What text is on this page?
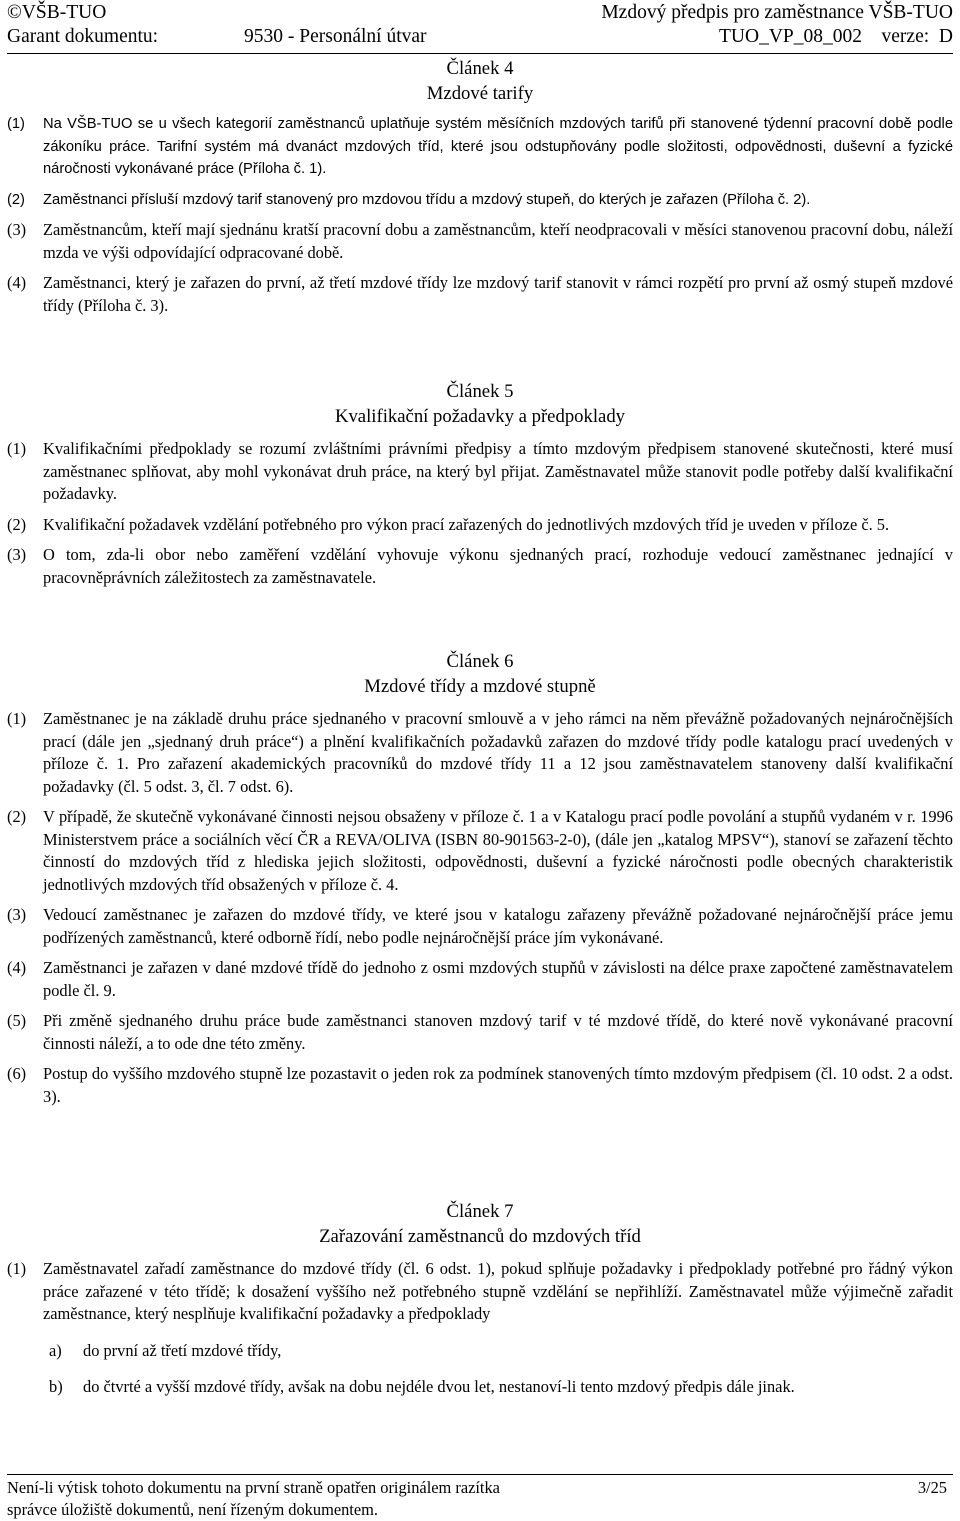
©VŠB-TUO	Mzdový předpis pro zaměstnance VŠB-TUO
Garant dokumentu:	9530 - Personální útvar	TUO_VP_08_002 verze: D
Článek 4
Mzdové tarify
(1) Na VŠB-TUO se u všech kategorií zaměstnanců uplatňuje systém měsíčních mzdových tarifů při stanovené týdenní pracovní době podle zákoníku práce. Tarifní systém má dvanáct mzdových tříd, které jsou odstupňovány podle složitosti, odpovědnosti, duševní a fyzické náročnosti vykonávané práce (Příloha č. 1).
(2) Zaměstnanci přísluší mzdový tarif stanovený pro mzdovou třídu a mzdový stupeň, do kterých je zařazen (Příloha č. 2).
(3) Zaměstnancům, kteří mají sjednánu kratší pracovní dobu a zaměstnancům, kteří neodpracovali v měsíci stanovenou pracovní dobu, náleží mzda ve výši odpovídající odpracované době.
(4) Zaměstnanci, který je zařazen do první, až třetí mzdové třídy lze mzdový tarif stanovit v rámci rozpětí pro první až osmý stupeň mzdové třídy (Příloha č. 3).
Článek 5
Kvalifikační požadavky a předpoklady
(1) Kvalifikačními předpoklady se rozumí zvláštními právními předpisy a tímto mzdovým předpisem stanovené skutečnosti, které musí zaměstnanec splňovat, aby mohl vykonávat druh práce, na který byl přijat. Zaměstnavatel může stanovit podle potřeby další kvalifikační požadavky.
(2) Kvalifikační požadavek vzdělání potřebného pro výkon prací zařazených do jednotlivých mzdových tříd je uveden v příloze č. 5.
(3) O tom, zda-li obor nebo zaměření vzdělání vyhovuje výkonu sjednaných prací, rozhoduje vedoucí zaměstnanec jednající v pracovněprávních záležitostech za zaměstnavatele.
Článek 6
Mzdové třídy a mzdové stupně
(1) Zaměstnanec je na základě druhu práce sjednaného v pracovní smlouvě a v jeho rámci na něm převážně požadovaných nejnáročnějších prací (dále jen „sjednaný druh práce“) a plnění kvalifikačních požadavků zařazen do mzdové třídy podle katalogu prací uvedených v příloze č. 1. Pro zařazení akademických pracovníků do mzdové třídy 11 a 12 jsou zaměstnavatelem stanoveny další kvalifikační požadavky (čl. 5 odst. 3, čl. 7 odst. 6).
(2) V případě, že skutečně vykonávané činnosti nejsou obsaženy v příloze č. 1 a v Katalogu prací podle povolání a stupňů vydaném v r. 1996 Ministerstvem práce a sociálních věcí ČR a REVA/OLIVA (ISBN 80-901563-2-0), (dále jen „katalog MPSV“), stanoví se zařazení těchto činností do mzdových tříd z hlediska jejich složitosti, odpovědnosti, duševní a fyzické náročnosti podle obecných charakteristik jednotlivých mzdových tříd obsažených v příloze č. 4.
(3) Vedoucí zaměstnanec je zařazen do mzdové třídy, ve které jsou v katalogu zařazeny převážně požadované nejnáročnější práce jemu podřízených zaměstnanců, které odborně řídí, nebo podle nejnáročnější práce jím vykonávané.
(4) Zaměstnanci je zařazen v dané mzdové třídě do jednoho z osmi mzdových stupňů v závislosti na délce praxe započtené zaměstnavatelem podle čl. 9.
(5) Při změně sjednaného druhu práce bude zaměstnanci stanoven mzdový tarif v té mzdové třídě, do které nově vykonávané pracovní činnosti náleží, a to ode dne této změny.
(6) Postup do vyššího mzdového stupně lze pozastavit o jeden rok za podmínek stanovených tímto mzdovým předpisem (čl. 10 odst. 2 a odst. 3).
Článek 7
Zařazování zaměstnanců do mzdových tříd
(1) Zaměstnavatel zařadí zaměstnance do mzdové třídy (čl. 6 odst. 1), pokud splňuje požadavky i předpoklady potřebné pro řádný výkon práce zařazené v této třídě; k dosažení vyššího než potřebného stupně vzdělání se nepřihlíží. Zaměstnavatel může výjimečně zařadit zaměstnance, který nesplňuje kvalifikační požadavky a předpoklady
a) do první až třetí mzdové třídy,
b) do čtvrté a vyšší mzdové třídy, avšak na dobu nejdéle dvou let, nestanoví-li tento mzdový předpis dále jinak.
Není-li výtisk tohoto dokumentu na první straně opatřen originálem razítka
správce úložiště dokumentů, není řízeným dokumentem.
3/25
